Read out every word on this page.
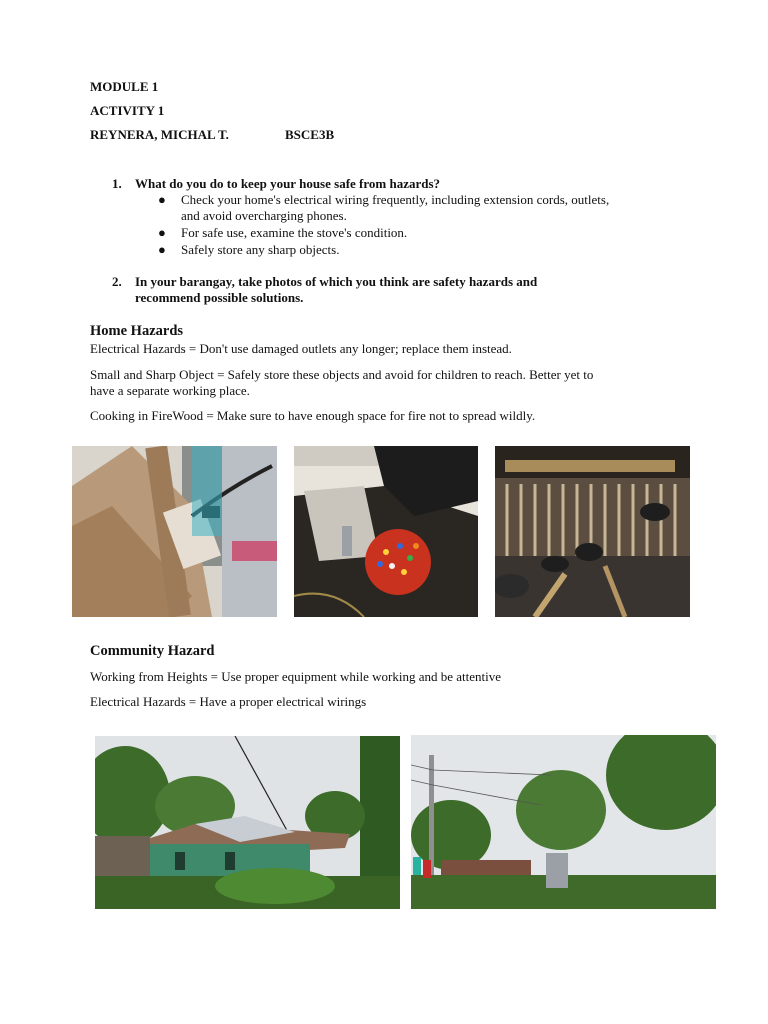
MODULE 1
ACTIVITY 1
REYNERA, MICHAL T.	BSCE3B
1. What do you do to keep your house safe from hazards?
● Check your home's electrical wiring frequently, including extension cords, outlets,
and avoid overcharging phones.
● For safe use, examine the stove's condition.
● Safely store any sharp objects.
2. In your barangay, take photos of which you think are safety hazards and
recommend possible solutions.
Home Hazards
Electrical Hazards = Don't use damaged outlets any longer; replace them instead.
Small and Sharp Object = Safely store these objects and avoid for children to reach. Better yet to
have a separate working place.
Cooking in FireWood = Make sure to have enough space for fire not to spread wildly.
Community Hazard
Working from Heights = Use proper equipment while working and be attentive
Electrical Hazards = Have a proper electrical wirings
